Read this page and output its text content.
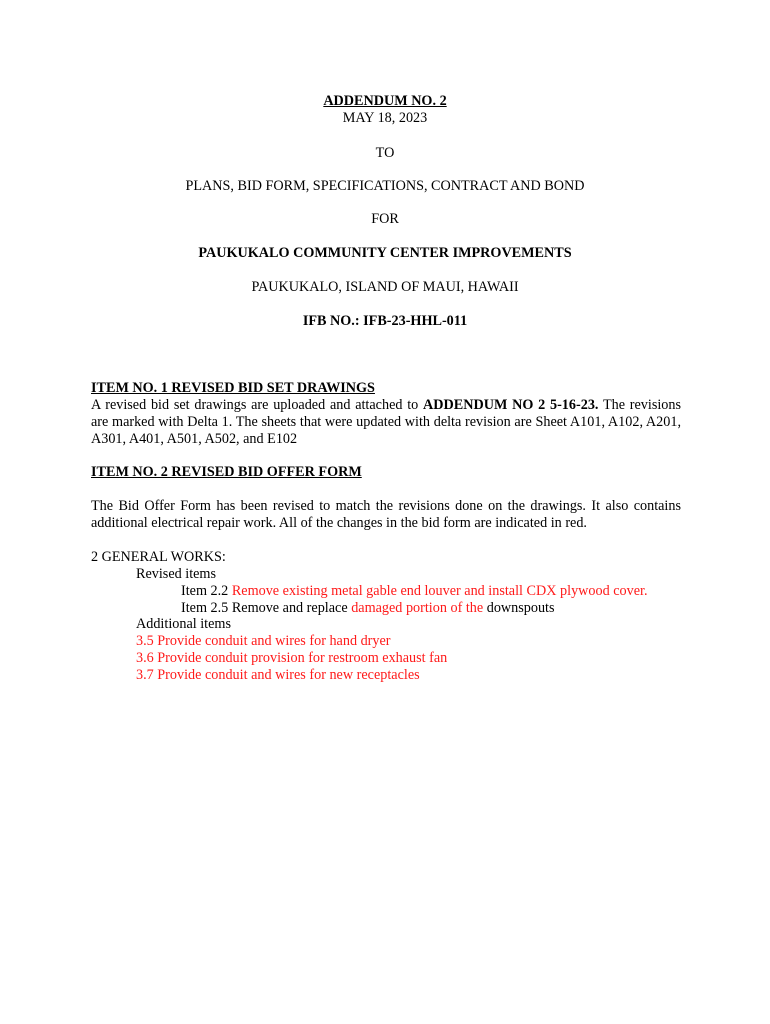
ADDENDUM NO. 2
MAY 18, 2023
TO
PLANS, BID FORM, SPECIFICATIONS, CONTRACT AND BOND
FOR
PAUKUKALO COMMUNITY CENTER IMPROVEMENTS
PAUKUKALO, ISLAND OF MAUI, HAWAII
IFB NO.: IFB-23-HHL-011
ITEM NO. 1 REVISED BID SET DRAWINGS
A revised bid set drawings are uploaded and attached to ADDENDUM NO 2 5-16-23. The revisions are marked with Delta 1. The sheets that were updated with delta revision are Sheet A101, A102, A201, A301, A401, A501, A502, and E102
ITEM NO. 2 REVISED BID OFFER FORM
The Bid Offer Form has been revised to match the revisions done on the drawings. It also contains additional electrical repair work. All of the changes in the bid form are indicated in red.
2 GENERAL WORKS:
Revised items
Item 2.2 Remove existing metal gable end louver and install CDX plywood cover.
Item 2.5 Remove and replace damaged portion of the downspouts
Additional items
3.5 Provide conduit and wires for hand dryer
3.6 Provide conduit provision for restroom exhaust fan
3.7 Provide conduit and wires for new receptacles
